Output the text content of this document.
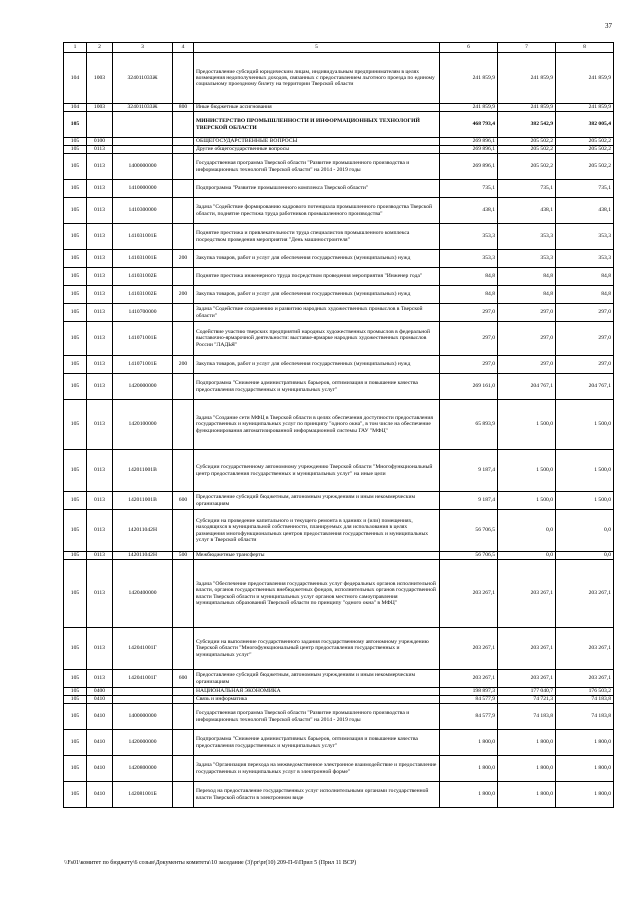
37
1	2	3	4	5	6	7	8
104	1003	324011033Ж		Предоставление субсидий юридическим лицам, индивидуальным предпринимателям в целях возмещения недополученных доходов, связанных с предоставлением льготного проезда по единому социальному проездному билету на территории Тверской области	241 859,9	241 859,9	241 859,9
104	1003	324011033Ж	800	Иные бюджетные ассигнования	241 859,9	241 859,9	241 859,9
105				МИНИСТЕРСТВО ПРОМЫШЛЕННОСТИ И ИНФОРМАЦИОННЫХ ТЕХНОЛОГИЙ ТВЕРСКОЙ ОБЛАСТИ	468 793,4	382 542,9	382 005,4
105	0100			ОБЩЕГОСУДАРСТВЕННЫЕ ВОПРОСЫ	269 896,1	205 502,2	205 502,2
105	0113			Другие общегосударственные вопросы	269 896,1	205 502,2	205 502,2
105	0113	1400000000		Государственная программа Тверской области "Развитие промышленного производства и информационных технологий Тверской области" на 2014 - 2019 годы	269 896,1	205 502,2	205 502,2
105	0113	1410000000		Подпрограмма "Развитие промышленного комплекса Тверской области"	735,1	735,1	735,1
105	0113	1410300000		Задача "Содействие формированию кадрового потенциала промышленного производства Тверской области, поднятие престижа труда работников промышленного производства"	438,1	438,1	438,1
105	0113	141031001Б		Поднятие престижа и привлекательности труда специалистов промышленного комплекса посредством проведения мероприятия "День машиностроителя"	353,3	353,3	353,3
105	0113	141031001Б	200	Закупка товаров, работ и услуг для обеспечения государственных (муниципальных) нужд	353,3	353,3	353,3
105	0113	141031002Б		Поднятие престижа инженерного труда посредством проведения мероприятия "Инженер года"	84,8	84,8	84,8
105	0113	141031002Б	200	Закупка товаров, работ и услуг для обеспечения государственных (муниципальных) нужд	84,8	84,8	84,8
105	0113	1410700000		Задача "Содействие сохранению и развитию народных художественных промыслов в Тверской области"	297,0	297,0	297,0
105	0113	141071001Б		Содействие участию тверских предприятий народных художественных промыслов в федеральной выставочно-ярмарочной деятельности: выставке-ярмарке народных художественных промыслов России "ЛАДЬЯ"	297,0	297,0	297,0
105	0113	141071001Б	200	Закупка товаров, работ и услуг для обеспечения государственных (муниципальных) нужд	297,0	297,0	297,0
105	0113	1420000000		Подпрограмма "Снижение административных барьеров, оптимизация и повышение качества предоставления государственных и муниципальных услуг"	269 161,0	204 767,1	204 767,1
105	0113	1420100000		Задача "Создание сети МФЦ в Тверской области в целях обеспечения доступности предоставления государственных и муниципальных услуг по принципу "одного окна", в том числе на обеспечение функционирования автоматизированной информационной системы ГАУ "МФЦ"	65 893,9	1 500,0	1 500,0
105	0113	142011001В		Субсидии государственному автономному учреждению Тверской области "Многофункциональный центр предоставления государственных и муниципальных услуг" на иные цели	9 187,4	1 500,0	1 500,0
105	0113	142011001В	600	Предоставление субсидий бюджетным, автономным учреждениям и иным некоммерческим организациям	9 187,4	1 500,0	1 500,0
105	0113	142011042Н		Субсидии на проведение капитального и текущего ремонта в зданиях и (или) помещениях, находящихся в муниципальной собственности, планируемых для использования в целях размещения многофункциональных центров предоставления государственных и муниципальных услуг в Тверской области	56 706,5	0,0	0,0
105	0113	142011042Н	500	Межбюджетные трансферты	56 706,5	0,0	0,0
105	0113	1420400000		Задача "Обеспечение предоставления государственных услуг федеральных органов исполнительной власти, органов государственных внебюджетных фондов, исполнительных органов государственной власти Тверской области и муниципальных услуг органов местного самоуправления муниципальных образований Тверской области по принципу "одного окна" в МФЦ"	203 267,1	203 267,1	203 267,1
105	0113	142041001Г		Субсидии на выполнение государственного задания государственному автономному учреждению Тверской области "Многофункциональный центр предоставления государственных и муниципальных услуг"	203 267,1	203 267,1	203 267,1
105	0113	142041001Г	600	Предоставление субсидий бюджетным, автономным учреждениям и иным некоммерческим организациям	203 267,1	203 267,1	203 267,1
105	0400			НАЦИОНАЛЬНАЯ ЭКОНОМИКА	198 897,3	177 040,7	176 503,2
105	0410			Связь и информатика	84 577,9	74 721,3	74 183,8
105	0410	1400000000		Государственная программа Тверской области "Развитие промышленного производства и информационных технологий Тверской области" на 2014 - 2019 годы	84 577,9	74 183,8	74 183,8
105	0410	1420000000		Подпрограмма "Снижение административных барьеров, оптимизация и повышение качества предоставления государственных и муниципальных услуг"	1 800,0	1 800,0	1 800,0
105	0410	1420800000		Задача "Организация перехода на межведомственное электронное взаимодействие и предоставление государственных и муниципальных услуг в электронной форме"	1 800,0	1 800,0	1 800,0
105	0410	142081001Б		Переход на предоставление государственных услуг исполнительными органами государственной власти Тверской области в электронном виде	1 800,0	1 800,0	1 800,0
\\Fs01\комитет по бюджету\6 созыв\Документы комитета\10 заседание (3)\pr\pr(10) 209-П-6\Прил 5 (Прил 11 ВСР)
